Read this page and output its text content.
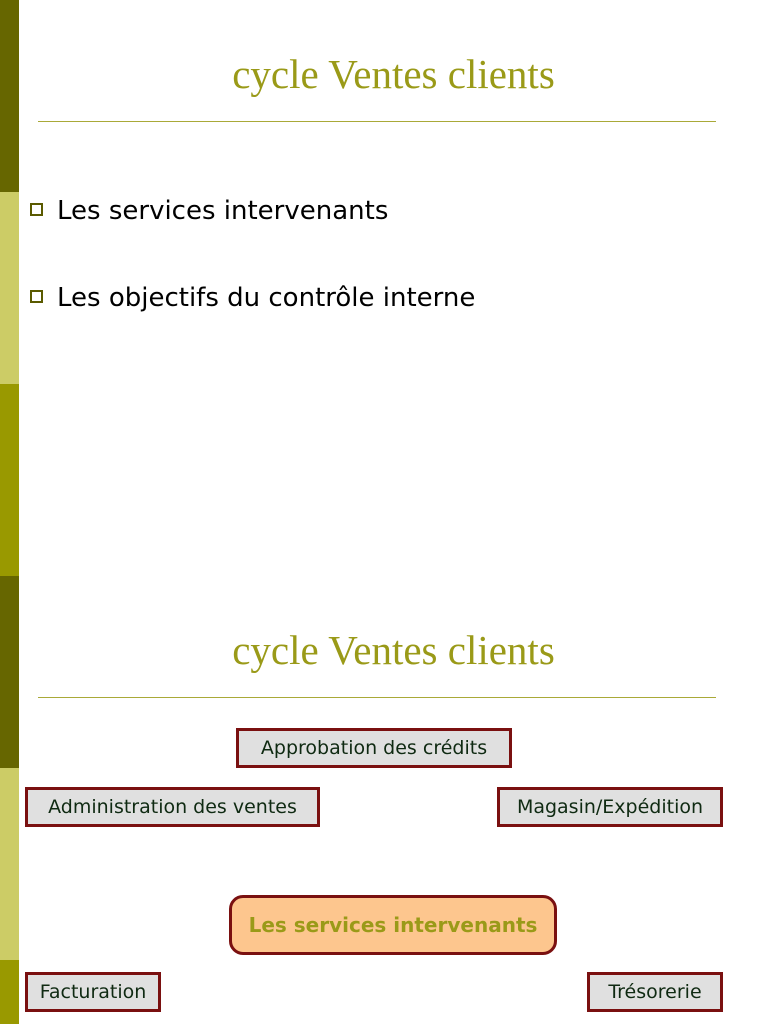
cycle Ventes clients
Les services intervenants
Les objectifs du contrôle interne
cycle Ventes clients
Approbation des crédits
Administration des ventes	Magasin/Expédition
Les services intervenants
Facturation	Trésorerie
